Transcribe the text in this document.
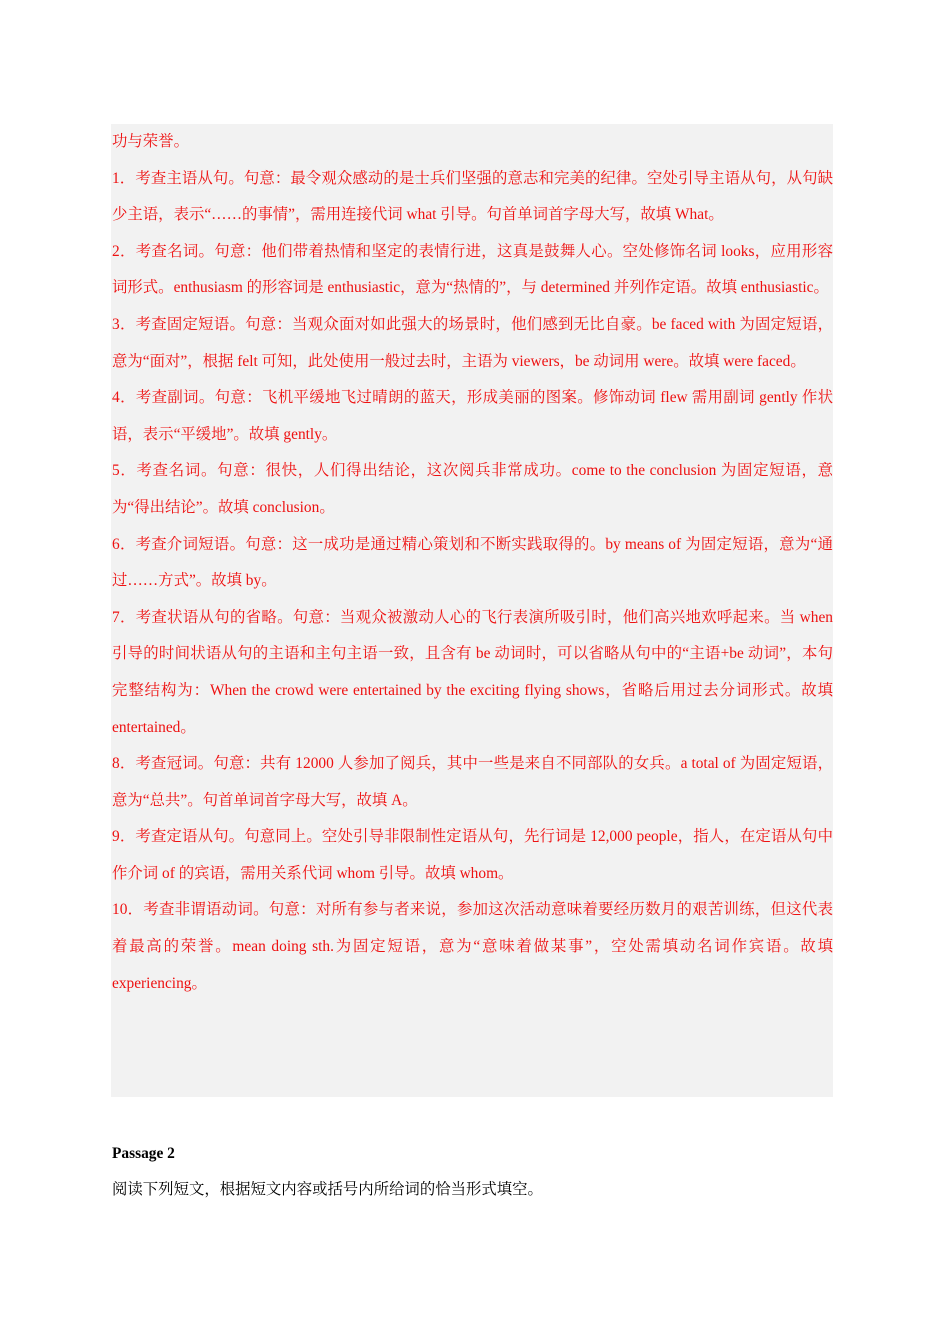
功与荣誉。

1．考查主语从句。句意：最令观众感动的是士兵们坚强的意志和完美的纪律。空处引导主语从句，从句缺少主语，表示“……的事情”，需用连接代词 what 引导。句首单词首字母大写，故填 What。

2．考查名词。句意：他们带着热情和坚定的表情行进，这真是鼓舞人心。空处修饰名词 looks，应用形容词形式。enthusiasm 的形容词是 enthusiastic，意为“热情的”，与 determined 并列作定语。故填 enthusiastic。

3．考查固定短语。句意：当观众面对如此强大的场景时，他们感到无比自豪。be faced with 为固定短语，意为“面对”，根据 felt 可知，此处使用一般过去时，主语为 viewers，be 动词用 were。故填 were faced。

4．考查副词。句意：飞机平缓地飞过晴朗的蓝天，形成美丽的图案。修饰动词 flew 需用副词 gently 作状语，表示“平缓地”。故填 gently。

5．考查名词。句意：很快，人们得出结论，这次阅兵非常成功。come to the conclusion 为固定短语，意为“得出结论”。故填 conclusion。

6．考查介词短语。句意：这一成功是通过精心策划和不断实践取得的。by means of 为固定短语，意为“通过……方式”。故填 by。

7．考查状语从句的省略。句意：当观众被激动人心的飞行表演所吸引时，他们高兴地欢呼起来。当 when 引导的时间状语从句的主语和主句主语一致，且含有 be 动词时，可以省略从句中的“主语+be 动词”，本句完整结构为：When the crowd were entertained by the exciting flying shows，省略后用过去分词形式。故填 entertained。

8．考查冠词。句意：共有 12000 人参加了阅兵，其中一些是来自不同部队的女兵。a total of 为固定短语，意为“总共”。句首单词首字母大写，故填 A。

9．考查定语从句。句意同上。空处引导非限制性定语从句，先行词是 12,000 people，指人，在定语从句中作介词 of 的宾语，需用关系代词 whom 引导。故填 whom。

10．考查非谓语动词。句意：对所有参与者来说，参加这次活动意味着要经历数月的艰苦训练，但这代表着最高的荣誉。mean doing sth.为固定短语，意为“意味着做某事”，空处需填动名词作宾语。故填 experiencing。

Passage 2
阅读下列短文，根据短文内容或括号内所给词的恰当形式填空。
